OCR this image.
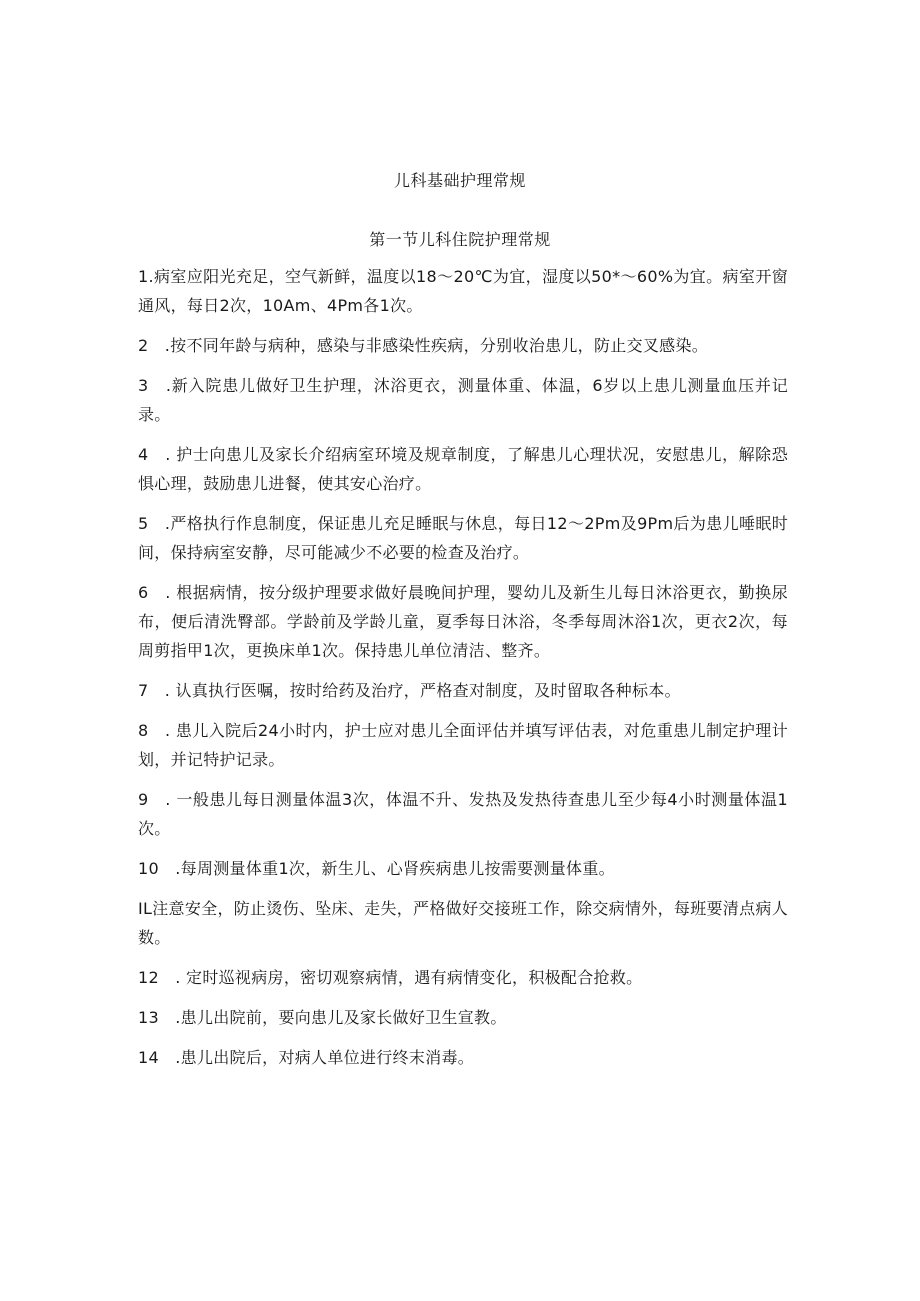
儿科基础护理常规
第一节儿科住院护理常规
1.病室应阳光充足，空气新鲜，温度以18～20℃为宜，湿度以50*～60%为宜。病室开窗通风，每日2次，10Am、4Pm各1次。
2　.按不同年龄与病种，感染与非感染性疾病，分别收治患儿，防止交叉感染。
3　.新入院患儿做好卫生护理，沐浴更衣，测量体重、体温，6岁以上患儿测量血压并记录。
4　. 护士向患儿及家长介绍病室环境及规章制度，了解患儿心理状况，安慰患儿，解除恐惧心理，鼓励患儿进餐，使其安心治疗。
5　.严格执行作息制度，保证患儿充足睡眠与休息，每日12～2Pm及9Pm后为患儿唾眠时间，保持病室安静，尽可能减少不必要的检查及治疗。
6　. 根据病情，按分级护理要求做好晨晚间护理，婴幼儿及新生儿每日沐浴更衣，勤换尿布，便后清洗臀部。学龄前及学龄儿童，夏季每日沐浴，冬季每周沐浴1次，更衣2次，每周剪指甲1次，更换床单1次。保持患儿单位清洁、整齐。
7　. 认真执行医嘱，按时给药及治疗，严格查对制度，及时留取各种标本。
8　. 患儿入院后24小时内，护士应对患儿全面评估并填写评估表，对危重患儿制定护理计划，并记特护记录。
9　. 一般患儿每日测量体温3次，体温不升、发热及发热待查患儿至少每4小时测量体温1次。
10　.每周测量体重1次，新生儿、心肾疾病患儿按需要测量体重。
IL注意安全，防止烫伤、坠床、走失，严格做好交接班工作，除交病情外，每班要清点病人数。
12　. 定时巡视病房，密切观察病情，遇有病情变化，积极配合抢救。
13　.患儿出院前，要向患儿及家长做好卫生宣教。
14　.患儿出院后，对病人单位进行终末消毒。
